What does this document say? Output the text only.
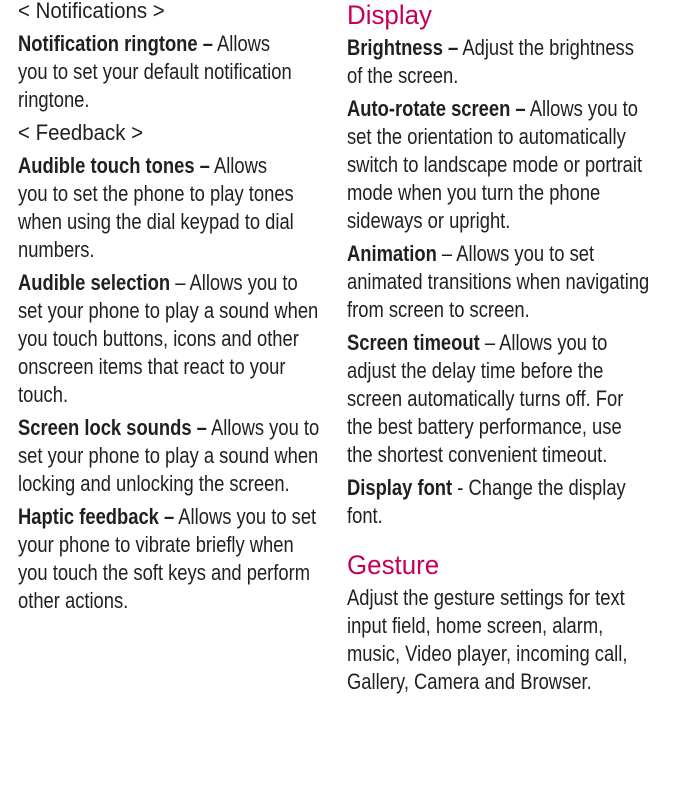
< Notifications >

Notification ringtone – Allows
you to set your default notification
ringtone.

< Feedback >

Audible touch tones – Allows
you to set the phone to play tones
when using the dial keypad to dial
numbers.

Audible selection – Allows you to
set your phone to play a sound when
you touch buttons, icons and other
onscreen items that react to your
touch.

Screen lock sounds – Allows you to
set your phone to play a sound when
locking and unlocking the screen.

Haptic feedback – Allows you to set
your phone to vibrate briefly when
you touch the soft keys and perform
other actions.

Display

Brightness – Adjust the brightness
of the screen.

Auto-rotate screen – Allows you to
set the orientation to automatically
switch to landscape mode or portrait
mode when you turn the phone
sideways or upright.

Animation – Allows you to set
animated transitions when navigating
from screen to screen.

Screen timeout – Allows you to
adjust the delay time before the
screen automatically turns off. For
the best battery performance, use
the shortest convenient timeout.

Display font - Change the display
font.

Gesture

Adjust the gesture settings for text
input field, home screen, alarm,
music, Video player, incoming call,
Gallery, Camera and Browser.
